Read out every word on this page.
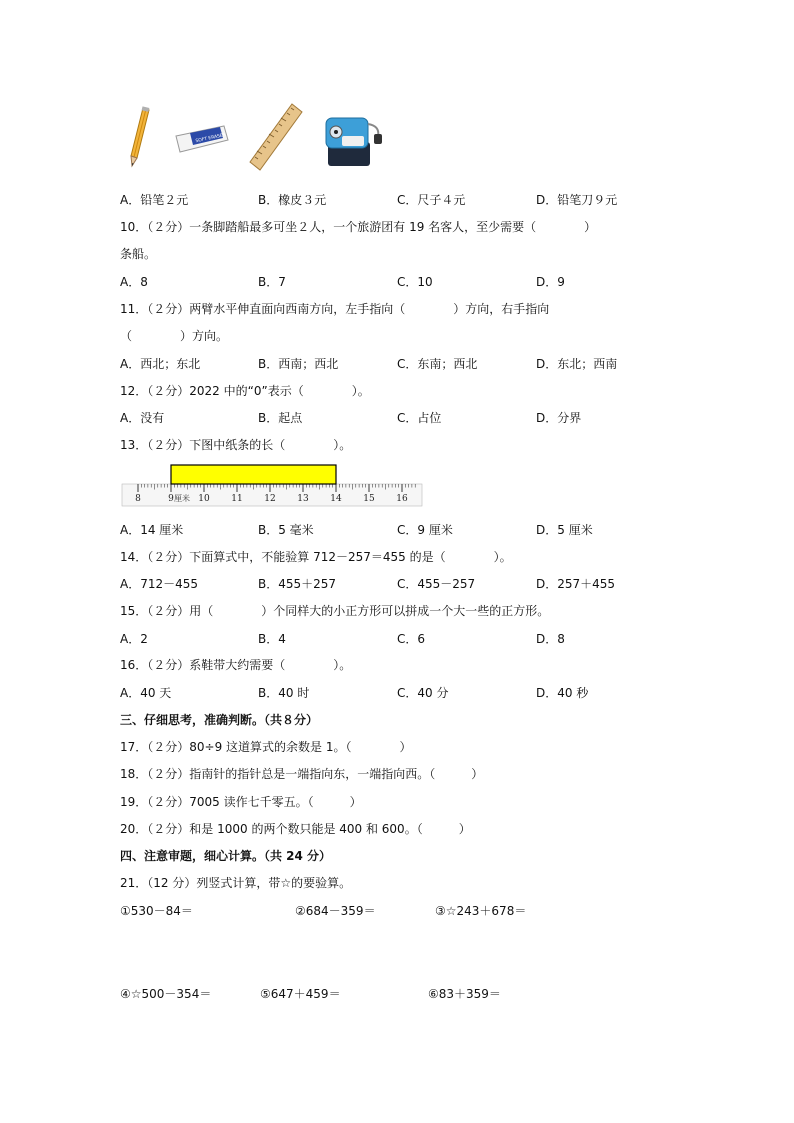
SOFT ERASER
A．铅笔２元	B．橡皮３元	C．尺子４元	D．铅笔刀９元
10．（２分）一条脚踏船最多可坐２人，一个旅游团有 19 名客人，至少需要（　　　　）
条船。
A．8	B．7	C．10	D．9
11．（２分）两臂水平伸直面向西南方向，左手指向（　　　　）方向，右手指向
（　　　　）方向。
A．西北；东北	B．西南；西北	C．东南；西北	D．东北；西南
12．（２分）2022 中的“0”表示（　　　　）。
A．没有	B．起点	C．占位	D．分界
13．（２分）下图中纸条的长（　　　　）。
8	9	10 11 12 13 14 15 16
厘米
A．14 厘米	B．5 毫米	C．9 厘米	D．5 厘米
14．（２分）下面算式中，不能验算 712－257＝455 的是（　　　　）。
A．712－455	B．455＋257	C．455－257	D．257＋455
15．（２分）用（　　　　）个同样大的小正方形可以拼成一个大一些的正方形。
A．2	B．4	C．6	D．8
16．（２分）系鞋带大约需要（　　　　）。
A．40 天	B．40 时	C．40 分	D．40 秒
三、仔细思考，准确判断。（共８分）
17．（２分）80÷9 这道算式的余数是 1。（　　　　）
18．（２分）指南针的指针总是一端指向东，一端指向西。（　　　）
19．（２分）7005 读作七千零五。（　　　）
20．（２分）和是 1000 的两个数只能是 400 和 600。（　　　）
四、注意审题，细心计算。（共 24 分）
21．（12 分）列竖式计算，带☆的要验算。
①530－84＝	②684－359＝	③☆243＋678＝
④☆500－354＝	⑤647＋459＝	⑥83＋359＝
